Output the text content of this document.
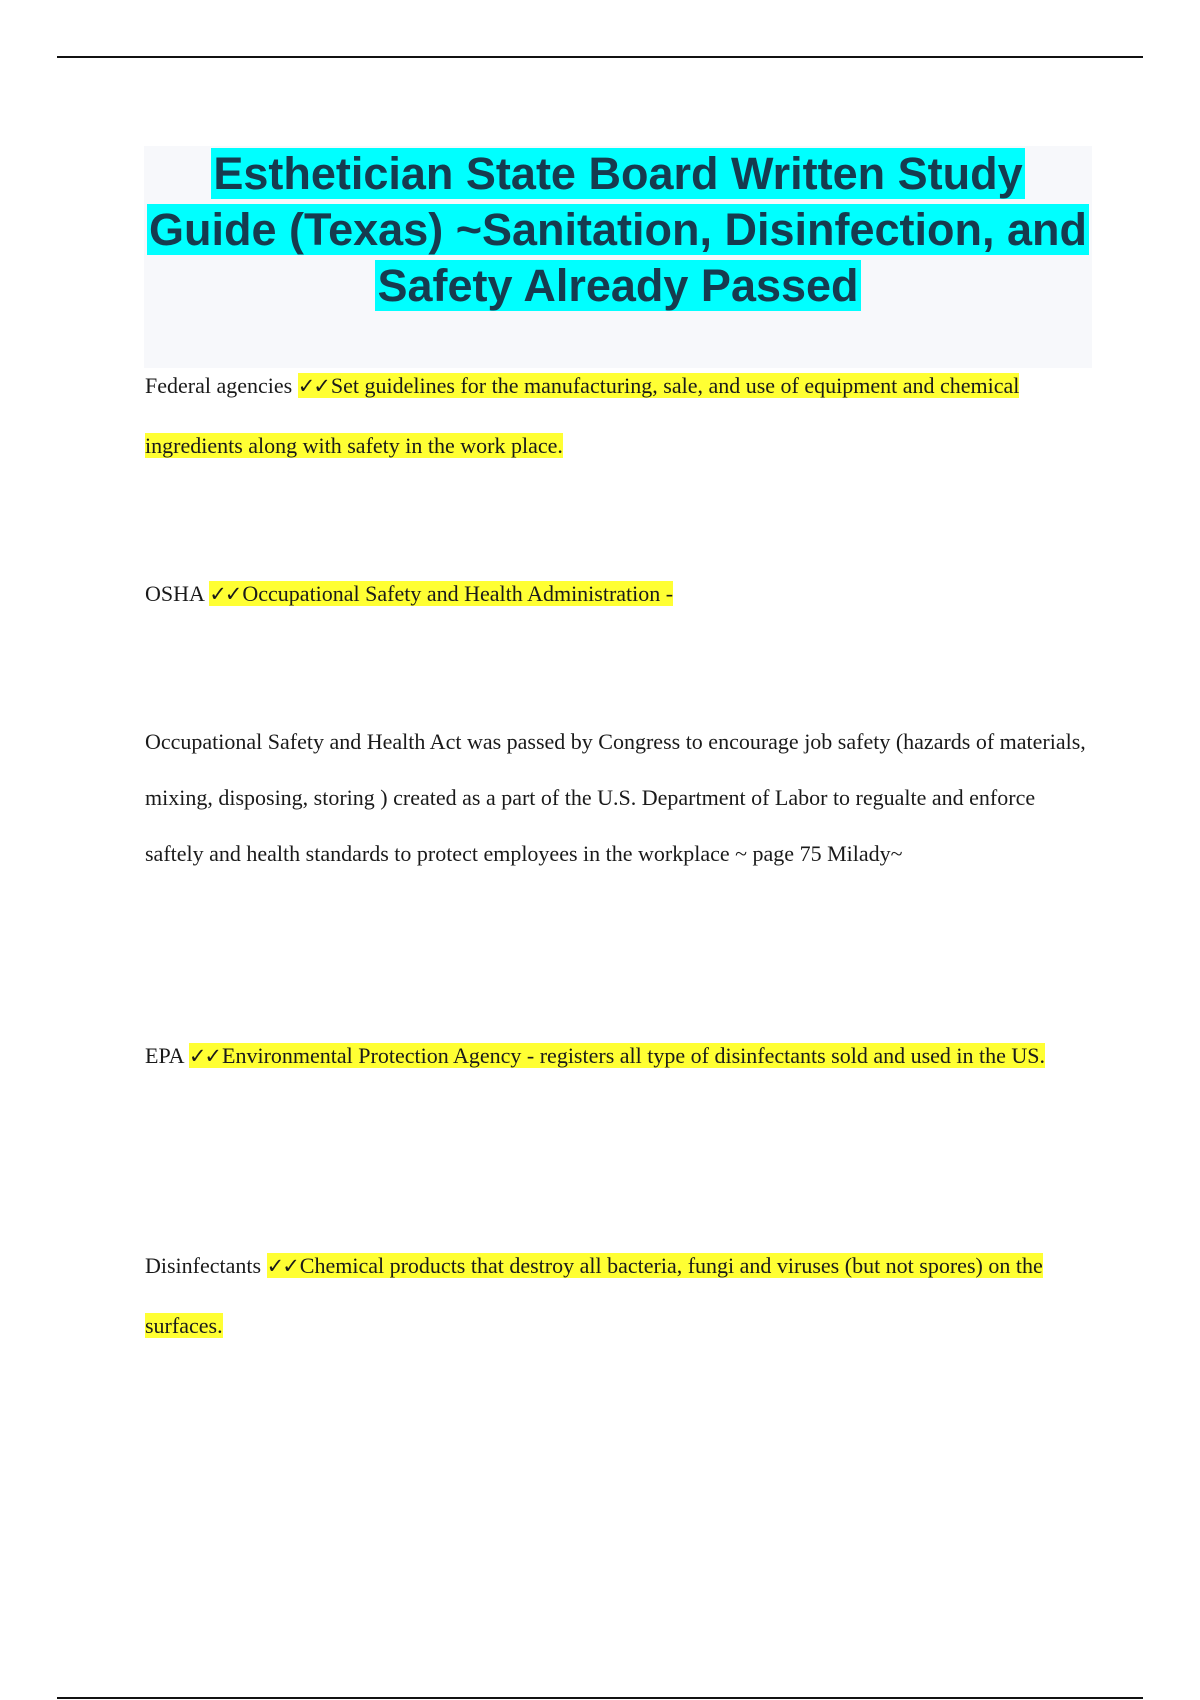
Esthetician State Board Written Study Guide (Texas) ~Sanitation, Disinfection, and Safety Already Passed

Federal agencies ✓✓Set guidelines for the manufacturing, sale, and use of equipment and chemical ingredients along with safety in the work place.

OSHA ✓✓Occupational Safety and Health Administration -

Occupational Safety and Health Act was passed by Congress to encourage job safety (hazards of materials, mixing, disposing, storing ) created as a part of the U.S. Department of Labor to regualte and enforce saftely and health standards to protect employees in the workplace ~ page 75 Milady~

EPA ✓✓Environmental Protection Agency - registers all type of disinfectants sold and used in the US.

Disinfectants ✓✓Chemical products that destroy all bacteria, fungi and viruses (but not spores) on the surfaces.
